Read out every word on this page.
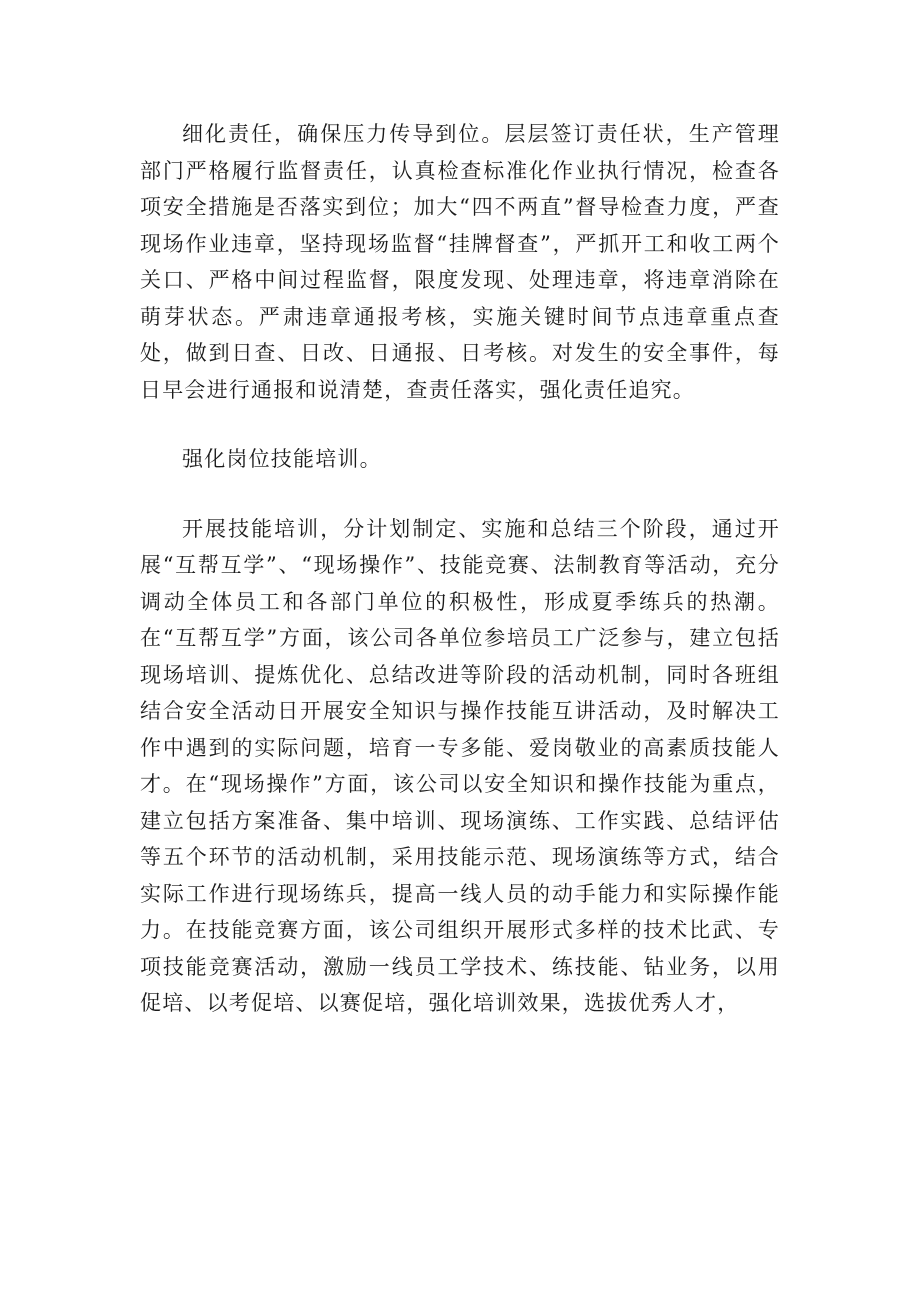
细化责任，确保压力传导到位。层层签订责任状，生产管理部门严格履行监督责任，认真检查标准化作业执行情况，检查各项安全措施是否落实到位；加大“四不两直”督导检查力度，严查现场作业违章，坚持现场监督“挂牌督查”，严抓开工和收工两个关口、严格中间过程监督，限度发现、处理违章，将违章消除在萌芽状态。严肃违章通报考核，实施关键时间节点违章重点查处，做到日查、日改、日通报、日考核。对发生的安全事件，每日早会进行通报和说清楚，查责任落实，强化责任追究。

强化岗位技能培训。

开展技能培训，分计划制定、实施和总结三个阶段，通过开展“互帮互学”、“现场操作”、技能竞赛、法制教育等活动，充分调动全体员工和各部门单位的积极性，形成夏季练兵的热潮。在“互帮互学”方面，该公司各单位参培员工广泛参与，建立包括现场培训、提炼优化、总结改进等阶段的活动机制，同时各班组结合安全活动日开展安全知识与操作技能互讲活动，及时解决工作中遇到的实际问题，培育一专多能、爱岗敬业的高素质技能人才。在“现场操作”方面，该公司以安全知识和操作技能为重点，建立包括方案准备、集中培训、现场演练、工作实践、总结评估等五个环节的活动机制，采用技能示范、现场演练等方式，结合实际工作进行现场练兵，提高一线人员的动手能力和实际操作能力。在技能竞赛方面，该公司组织开展形式多样的技术比武、专项技能竞赛活动，激励一线员工学技术、练技能、钻业务，以用促培、以考促培、以赛促培，强化培训效果，选拔优秀人才，
